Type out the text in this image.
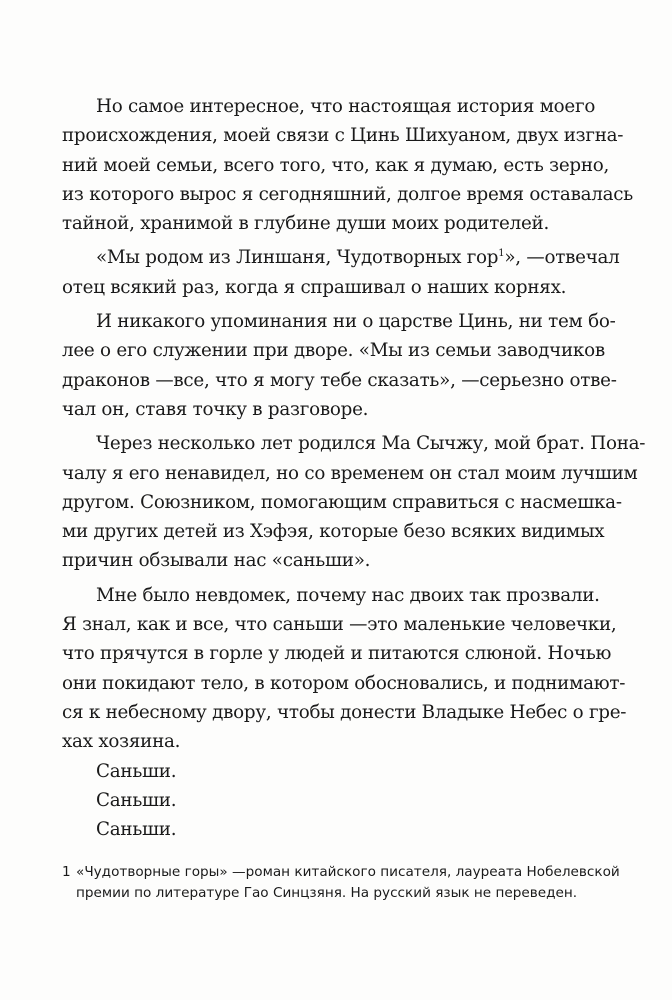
Но самое интересное, что настоящая история моего
происхождения, моей связи с Цинь Шихуаном, двух изгна-
ний моей семьи, всего того, что, как я думаю, есть зерно,
из которого вырос я сегодняшний, долгое время оставалась
тайной, хранимой в глубине души моих родителей.
«Мы родом из Линшаня, Чудотворных гор$^1$», —отвечал
отец всякий раз, когда я спрашивал о наших корнях.
И никакого упоминания ни о царстве Цинь, ни тем бо-
лее о его служении при дворе. «Мы из семьи заводчиков
драконов —все, что я могу тебе сказать», —серьезно отве-
чал он, ставя точку в разговоре.
Через несколько лет родился Ма Сычжу, мой брат. Пона-
чалу я его ненавидел, но со временем он стал моим лучшим
другом. Союзником, помогающим справиться с насмешка-
ми других детей из Хэфэя, которые безо всяких видимых
причин обзывали нас «саньши».
Мне было невдомек, почему нас двоих так прозвали.
Я знал, как и все, что саньши —это маленькие человечки,
что прячутся в горле у людей и питаются слюной. Ночью
они покидают тело, в котором обосновались, и поднимают-
ся к небесному двору, чтобы донести Владыке Небес о гре-
хах хозяина.
Саньши.
Саньши.
Саньши.
1 «Чудотворные горы» —роман китайского писателя, лауреата Нобелевской
премии по литературе Гао Синцзяня. На русский язык не переведен.
